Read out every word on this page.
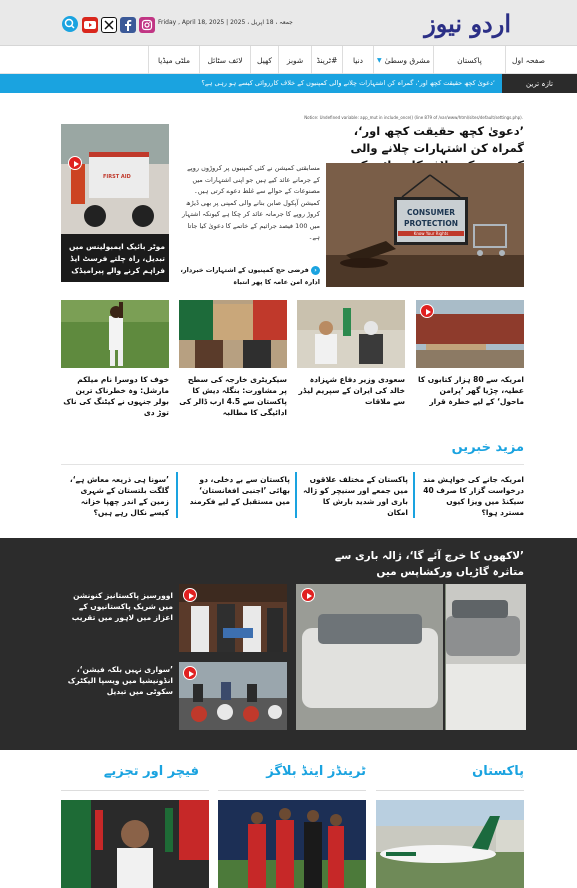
جمعہ ، 18 اپریل ، 2025 | Friday , April 18, 2025	اردو نیوز
صفحہ اول
پاکستان
مشرق وسطیٰ
▼
دنیا
#ٹرینڈ
شوبز
کھیل
لائف سٹائل
ملٹی میڈیا
تازہ ترین
’دعویٰ کچھ حقیقت کچھ اور‘، گمراہ کن اشتہارات چلانے والی کمپنیوں کے خلاف کارروائی کیسے ہو رہی ہے؟
Notice: Undefined variable: app_mut in include_once() (line 879 of /var/www/html/sites/default/settings.php).
’دعویٰ کچھ حقیقت کچھ اور‘، گمراہ کن اشتہارات چلانے والی
CONSUMER
PROTECTION
Know Your Rights
مسابقتی کمیشن نے کئی کمپنیوں پر کروڑوں روپے کے جرمانے عائد کیے ہیں جو اپنی اشتہارات میں مصنوعات کے حوالے سے غلط دعوے کرتی ہیں۔ کمیشن آپکول صابن بنانے والی کمپنی پر بھی ڈیڑھ کروڑ روپے کا جرمانہ عائد کر چکا ہے کیونکہ اشتہار میں 100 فیصد جراثیم کے خاتمے کا دعویٰ کیا جاتا ہے۔
‹ فرضی حج کمپنیوں کے اشتہارات خبردار، ادارہ امن عامہ کا پھر انتباہ
FIRST AID
موٹر بائیک ایمبولینس میں تبدیل، راہ چلتے فرسٹ ایڈ فراہم کرنے والے پیرامیڈک
امریکہ سے 80 ہزار کتابوں کا عطیہ، چڑیا گھر ’پرامن ماحول‘ کے لیے خطرہ قرار
سعودی وزیر دفاع شہزادہ خالد کی ایران کے سپریم لیڈر سے ملاقات
سیکریٹری خارجہ کی سطح پر مشاورت: بنگلہ دیش کا پاکستان سے 4.5 ارب ڈالر کی ادائیگی کا مطالبہ
خوف کا دوسرا نام میلکم مارشل: وہ خطرناک ترین بولر جنہوں نے کیٹنگ کی ناک توڑ دی
مزید خبریں
امریکہ جانے کی خواہش مند درخواست گزار کا صرف 40 سیکنڈ میں ویزا کیوں مسترد ہوا؟
پاکستان کے مختلف علاقوں میں جمعے اور سنیچر کو ژالہ باری اور شدید بارش کا امکان
پاکستان سے بے دخلی، دو بھائی ’اجنبی افغانستان‘ میں مستقبل کے لیے فکرمند
’سونا ہی ذریعہ معاش ہے‘، گلگت بلتستان کے شہری زمین کے اندر چھپا خزانہ کیسے نکال رہے ہیں؟
’لاکھوں کا خرچ آئے گا‘، ژالہ باری سے متاثرہ گاڑیاں ورکشاپس میں
اوورسیز پاکستانیز کنونشن میں شریک پاکستانیوں کے اعزاز میں لاہور میں تقریب
’سواری نہیں بلکہ فیشن‘، انڈونیشیا میں ویسپا الیکٹرک سکوٹی میں تبدیل
پاکستان
ٹرینڈز اینڈ بلاگز
فیچر اور تجزیے
